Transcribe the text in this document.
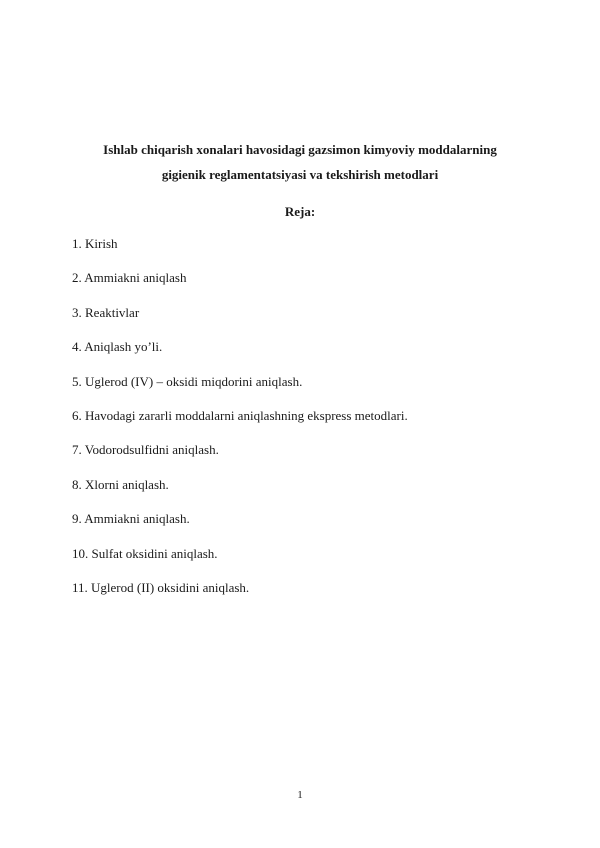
Ishlab chiqarish xonalari havosidagi gazsimon kimyoviy moddalarning

gigienik reglamentatsiyasi va tekshirish metodlari

Reja:

1. Kirish
2. Ammiakni aniqlash
3. Reaktivlar
4. Aniqlash yo’li.
5. Uglerod (IV) – oksidi miqdorini aniqlash.
6. Havodagi zararli moddalarni aniqlashning ekspress metodlari.
7. Vodorodsulfidni aniqlash.
8. Xlorni aniqlash.
9. Ammiakni aniqlash.
10. Sulfat oksidini aniqlash.
11. Uglerod (II) oksidini aniqlash.
1
